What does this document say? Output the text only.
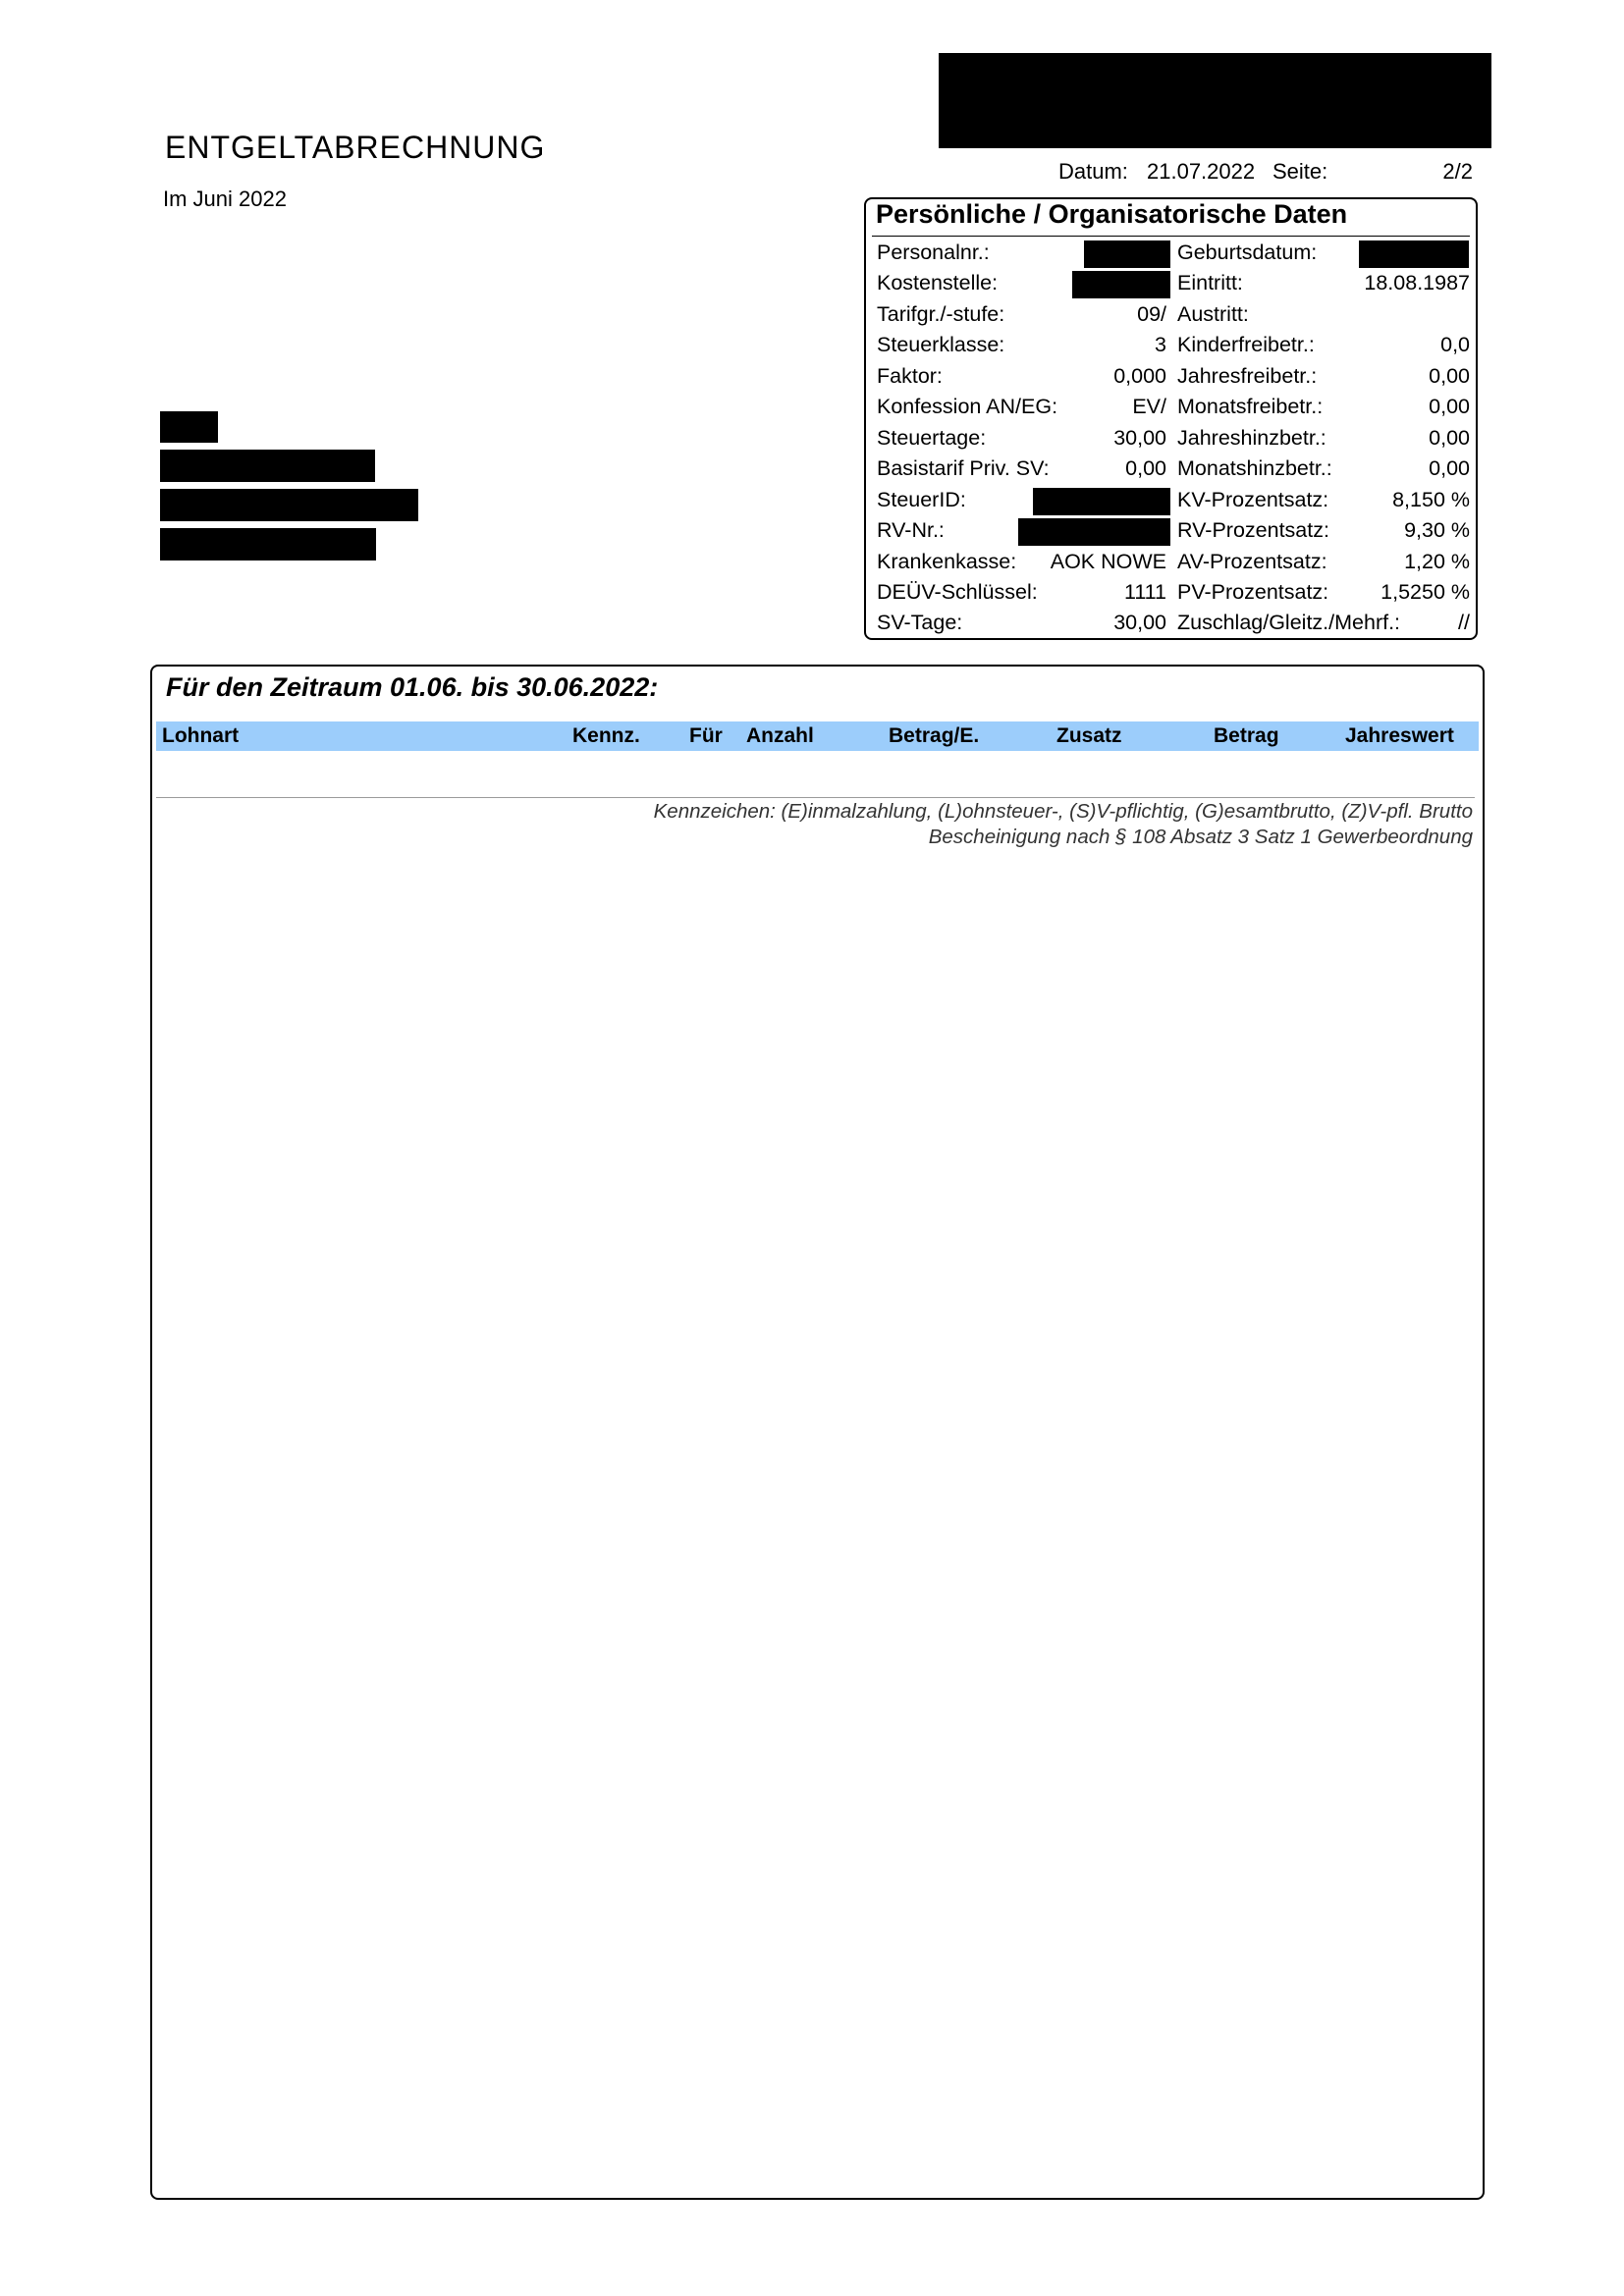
ENTGELTABRECHNUNG
Im Juni 2022
Datum: 21.07.2022 Seite:	2/2
Persönliche / Organisatorische Daten
Personalnr.:	Geburtsdatum:
Kostenstelle:	Eintritt:	18.08.1987
Tarifgr./-stufe:	09/ Austritt:
Steuerklasse:	3 Kinderfreibetr.:	0,0
Faktor:	0,000 Jahresfreibetr.:	0,00
Konfession AN/EG:	EV/ Monatsfreibetr.:	0,00
Steuertage:	30,00 Jahreshinzbetr.:	0,00
Basistarif Priv. SV:	0,00 Monatshinzbetr.:	0,00
SteuerID:	KV-Prozentsatz:	8,150 %
RV-Nr.:	RV-Prozentsatz:	9,30 %
Krankenkasse: AOK NOWE AV-Prozentsatz:	1,20 %
DEÜV-Schlüssel:	1111 PV-Prozentsatz: 1,5250 %
SV-Tage:	30,00 Zuschlag/Gleitz./Mehrf.:	//
Für den Zeitraum 01.06. bis 30.06.2022:
Lohnart	Kennz. Für Anzahl	Betrag/E.	Zusatz	Betrag	Jahreswert
Kennzeichen: (E)inmalzahlung, (L)ohnsteuer-, (S)V-pflichtig, (G)esamtbrutto, (Z)V-pfl. Brutto
Bescheinigung nach § 108 Absatz 3 Satz 1 Gewerbeordnung
